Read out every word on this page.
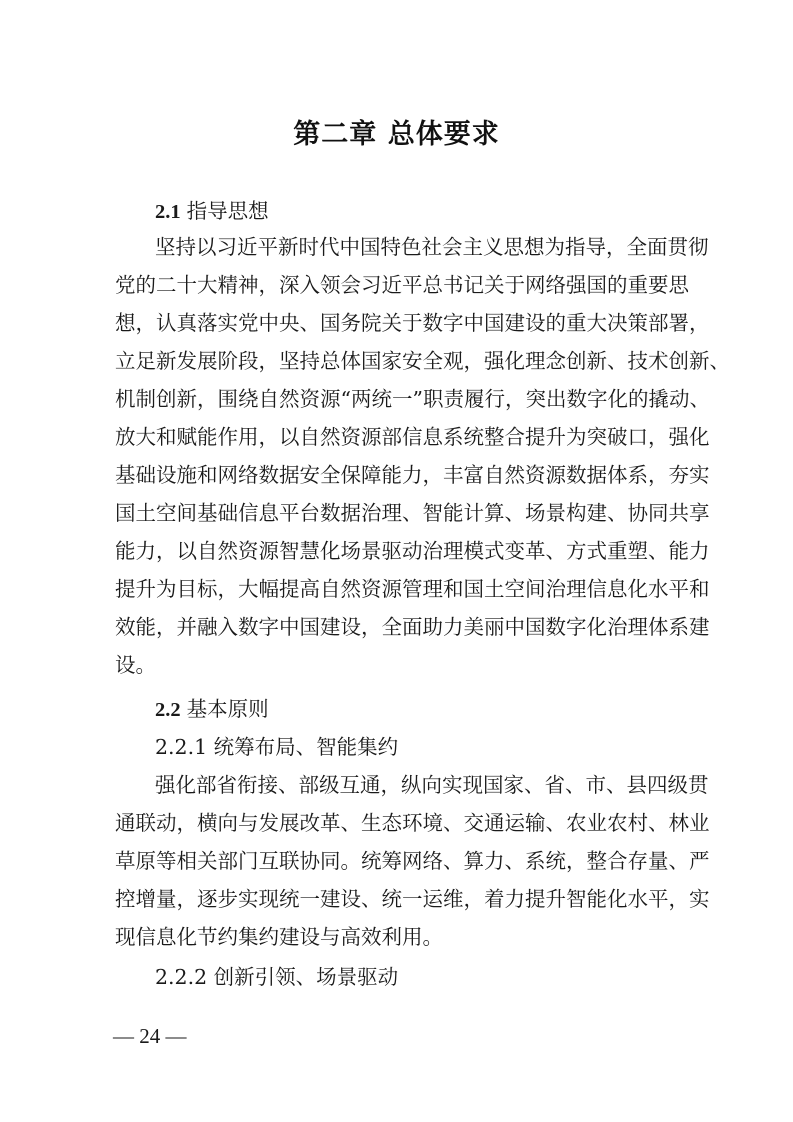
第二章 总体要求
2.1 指导思想
坚持以习近平新时代中国特色社会主义思想为指导，全面贯彻
党的二十大精神，深入领会习近平总书记关于网络强国的重要思
想，认真落实党中央、国务院关于数字中国建设的重大决策部署，
立足新发展阶段，坚持总体国家安全观，强化理念创新、技术创新、
机制创新，围绕自然资源“两统一”职责履行，突出数字化的撬动、
放大和赋能作用，以自然资源部信息系统整合提升为突破口，强化
基础设施和网络数据安全保障能力，丰富自然资源数据体系，夯实
国土空间基础信息平台数据治理、智能计算、场景构建、协同共享
能力，以自然资源智慧化场景驱动治理模式变革、方式重塑、能力
提升为目标，大幅提高自然资源管理和国土空间治理信息化水平和
效能，并融入数字中国建设，全面助力美丽中国数字化治理体系建
设。
2.2 基本原则
2.2.1 统筹布局、智能集约
强化部省衔接、部级互通，纵向实现国家、省、市、县四级贯
通联动，横向与发展改革、生态环境、交通运输、农业农村、林业
草原等相关部门互联协同。统筹网络、算力、系统，整合存量、严
控增量，逐步实现统一建设、统一运维，着力提升智能化水平，实
现信息化节约集约建设与高效利用。
2.2.2 创新引领、场景驱动
— 24 —
